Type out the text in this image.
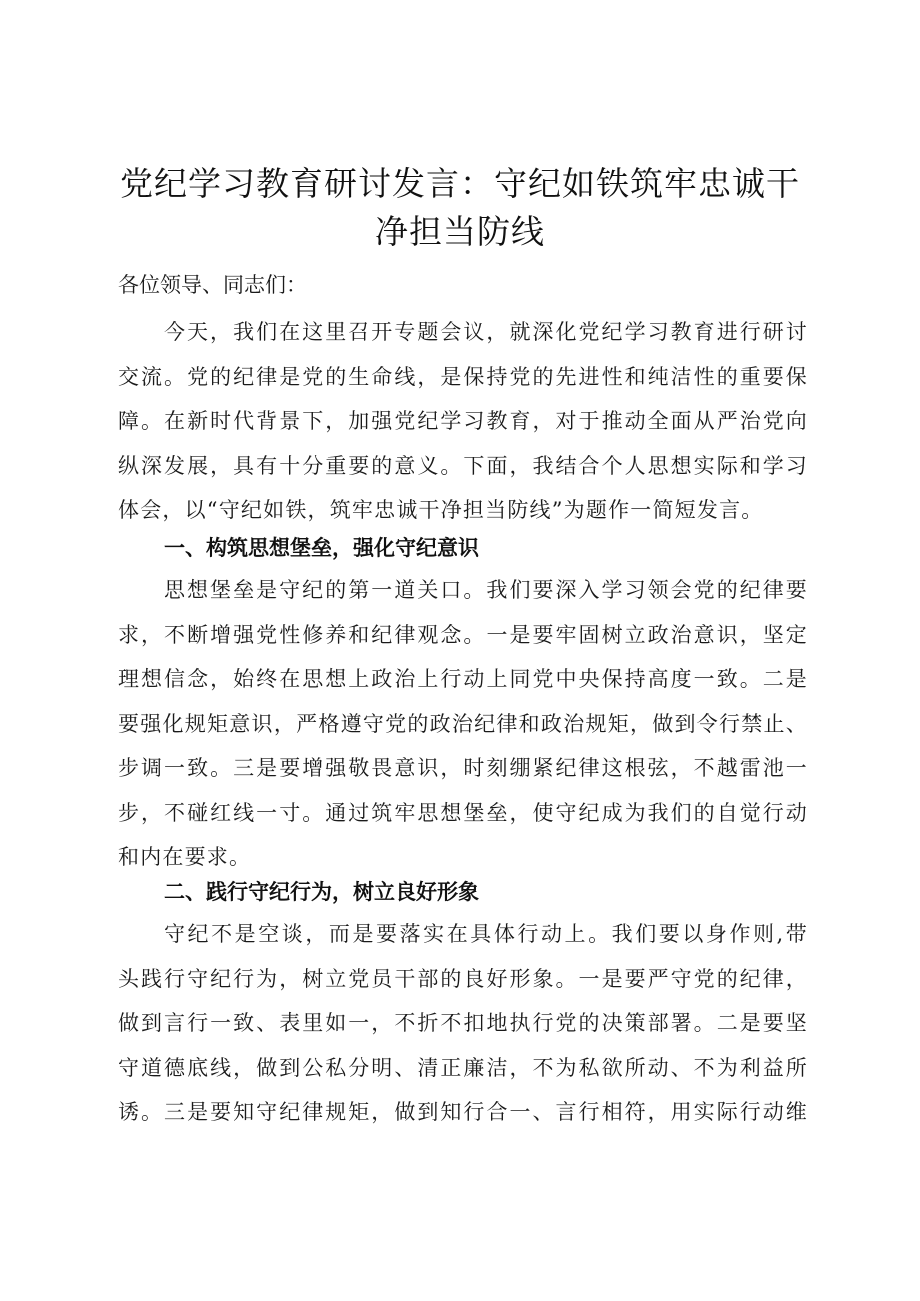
党纪学习教育研讨发言：守纪如铁筑牢忠诚干
净担当防线

各位领导、同志们：

今天，我们在这里召开专题会议，就深化党纪学习教育进行研讨
交流。党的纪律是党的生命线，是保持党的先进性和纯洁性的重要保
障。在新时代背景下，加强党纪学习教育，对于推动全面从严治党向
纵深发展，具有十分重要的意义。下面，我结合个人思想实际和学习
体会，以“守纪如铁，筑牢忠诚干净担当防线”为题作一简短发言。

一、构筑思想堡垒，强化守纪意识

思想堡垒是守纪的第一道关口。我们要深入学习领会党的纪律要
求，不断增强党性修养和纪律观念。一是要牢固树立政治意识，坚定
理想信念，始终在思想上政治上行动上同党中央保持高度一致。二是
要强化规矩意识，严格遵守党的政治纪律和政治规矩，做到令行禁止、
步调一致。三是要增强敬畏意识，时刻绷紧纪律这根弦，不越雷池一
步，不碰红线一寸。通过筑牢思想堡垒，使守纪成为我们的自觉行动
和内在要求。

二、践行守纪行为，树立良好形象

守纪不是空谈，而是要落实在具体行动上。我们要以身作则,带
头践行守纪行为，树立党员干部的良好形象。一是要严守党的纪律，
做到言行一致、表里如一，不折不扣地执行党的决策部署。二是要坚
守道德底线，做到公私分明、清正廉洁，不为私欲所动、不为利益所
诱。三是要知守纪律规矩，做到知行合一、言行相符，用实际行动维
